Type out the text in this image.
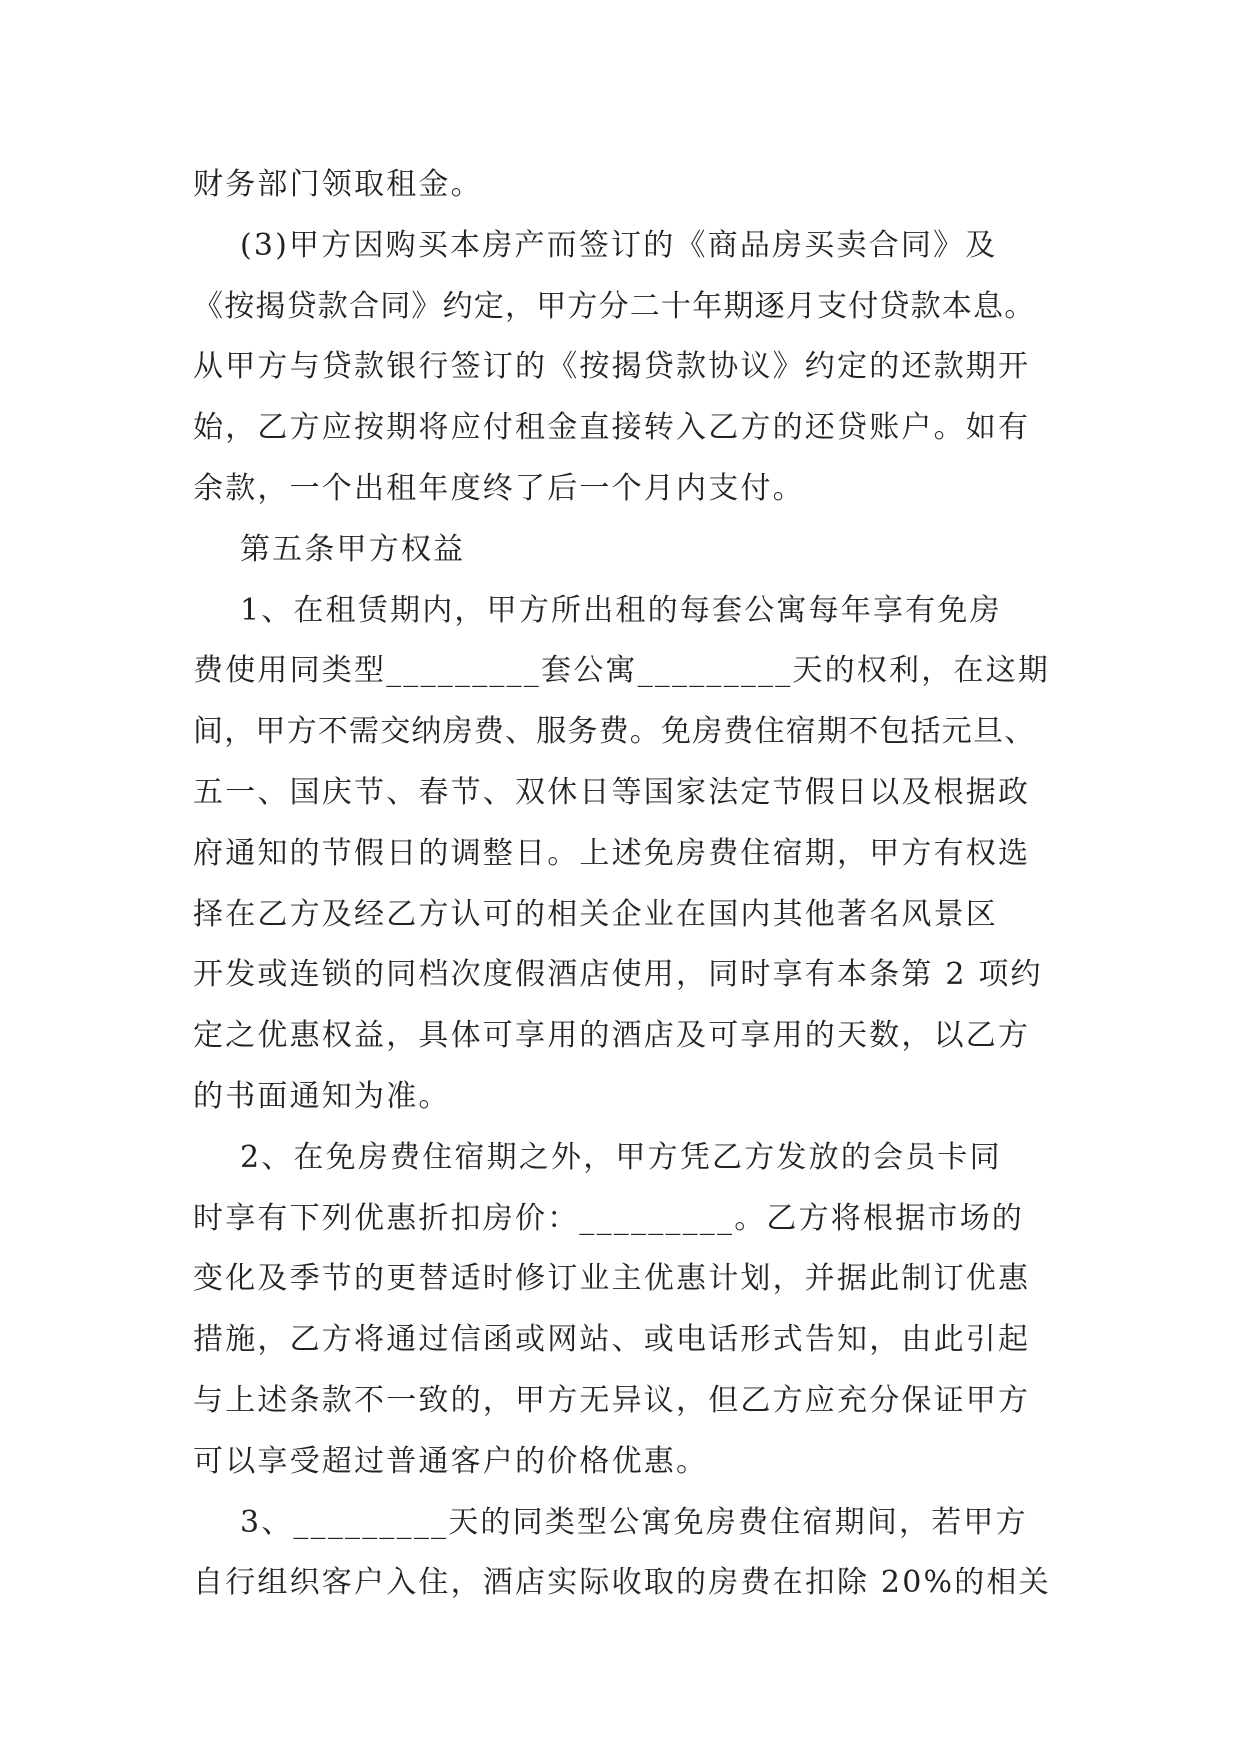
财务部门领取租金。
(3)甲方因购买本房产而签订的《商品房买卖合同》及
《按揭贷款合同》约定，甲方分二十年期逐月支付贷款本息。
从甲方与贷款银行签订的《按揭贷款协议》约定的还款期开
始，乙方应按期将应付租金直接转入乙方的还贷账户。如有
余款，一个出租年度终了后一个月内支付。
第五条甲方权益
1、在租赁期内，甲方所出租的每套公寓每年享有免房
费使用同类型_________套公寓_________天的权利，在这期
间，甲方不需交纳房费、服务费。免房费住宿期不包括元旦、
五一、国庆节、春节、双休日等国家法定节假日以及根据政
府通知的节假日的调整日。上述免房费住宿期，甲方有权选
择在乙方及经乙方认可的相关企业在国内其他著名风景区
开发或连锁的同档次度假酒店使用，同时享有本条第 2 项约
定之优惠权益，具体可享用的酒店及可享用的天数，以乙方
的书面通知为准。
2、在免房费住宿期之外，甲方凭乙方发放的会员卡同
时享有下列优惠折扣房价：_________。乙方将根据市场的
变化及季节的更替适时修订业主优惠计划，并据此制订优惠
措施，乙方将通过信函或网站、或电话形式告知，由此引起
与上述条款不一致的，甲方无异议，但乙方应充分保证甲方
可以享受超过普通客户的价格优惠。
3、_________天的同类型公寓免房费住宿期间，若甲方
自行组织客户入住，酒店实际收取的房费在扣除 20%的相关
